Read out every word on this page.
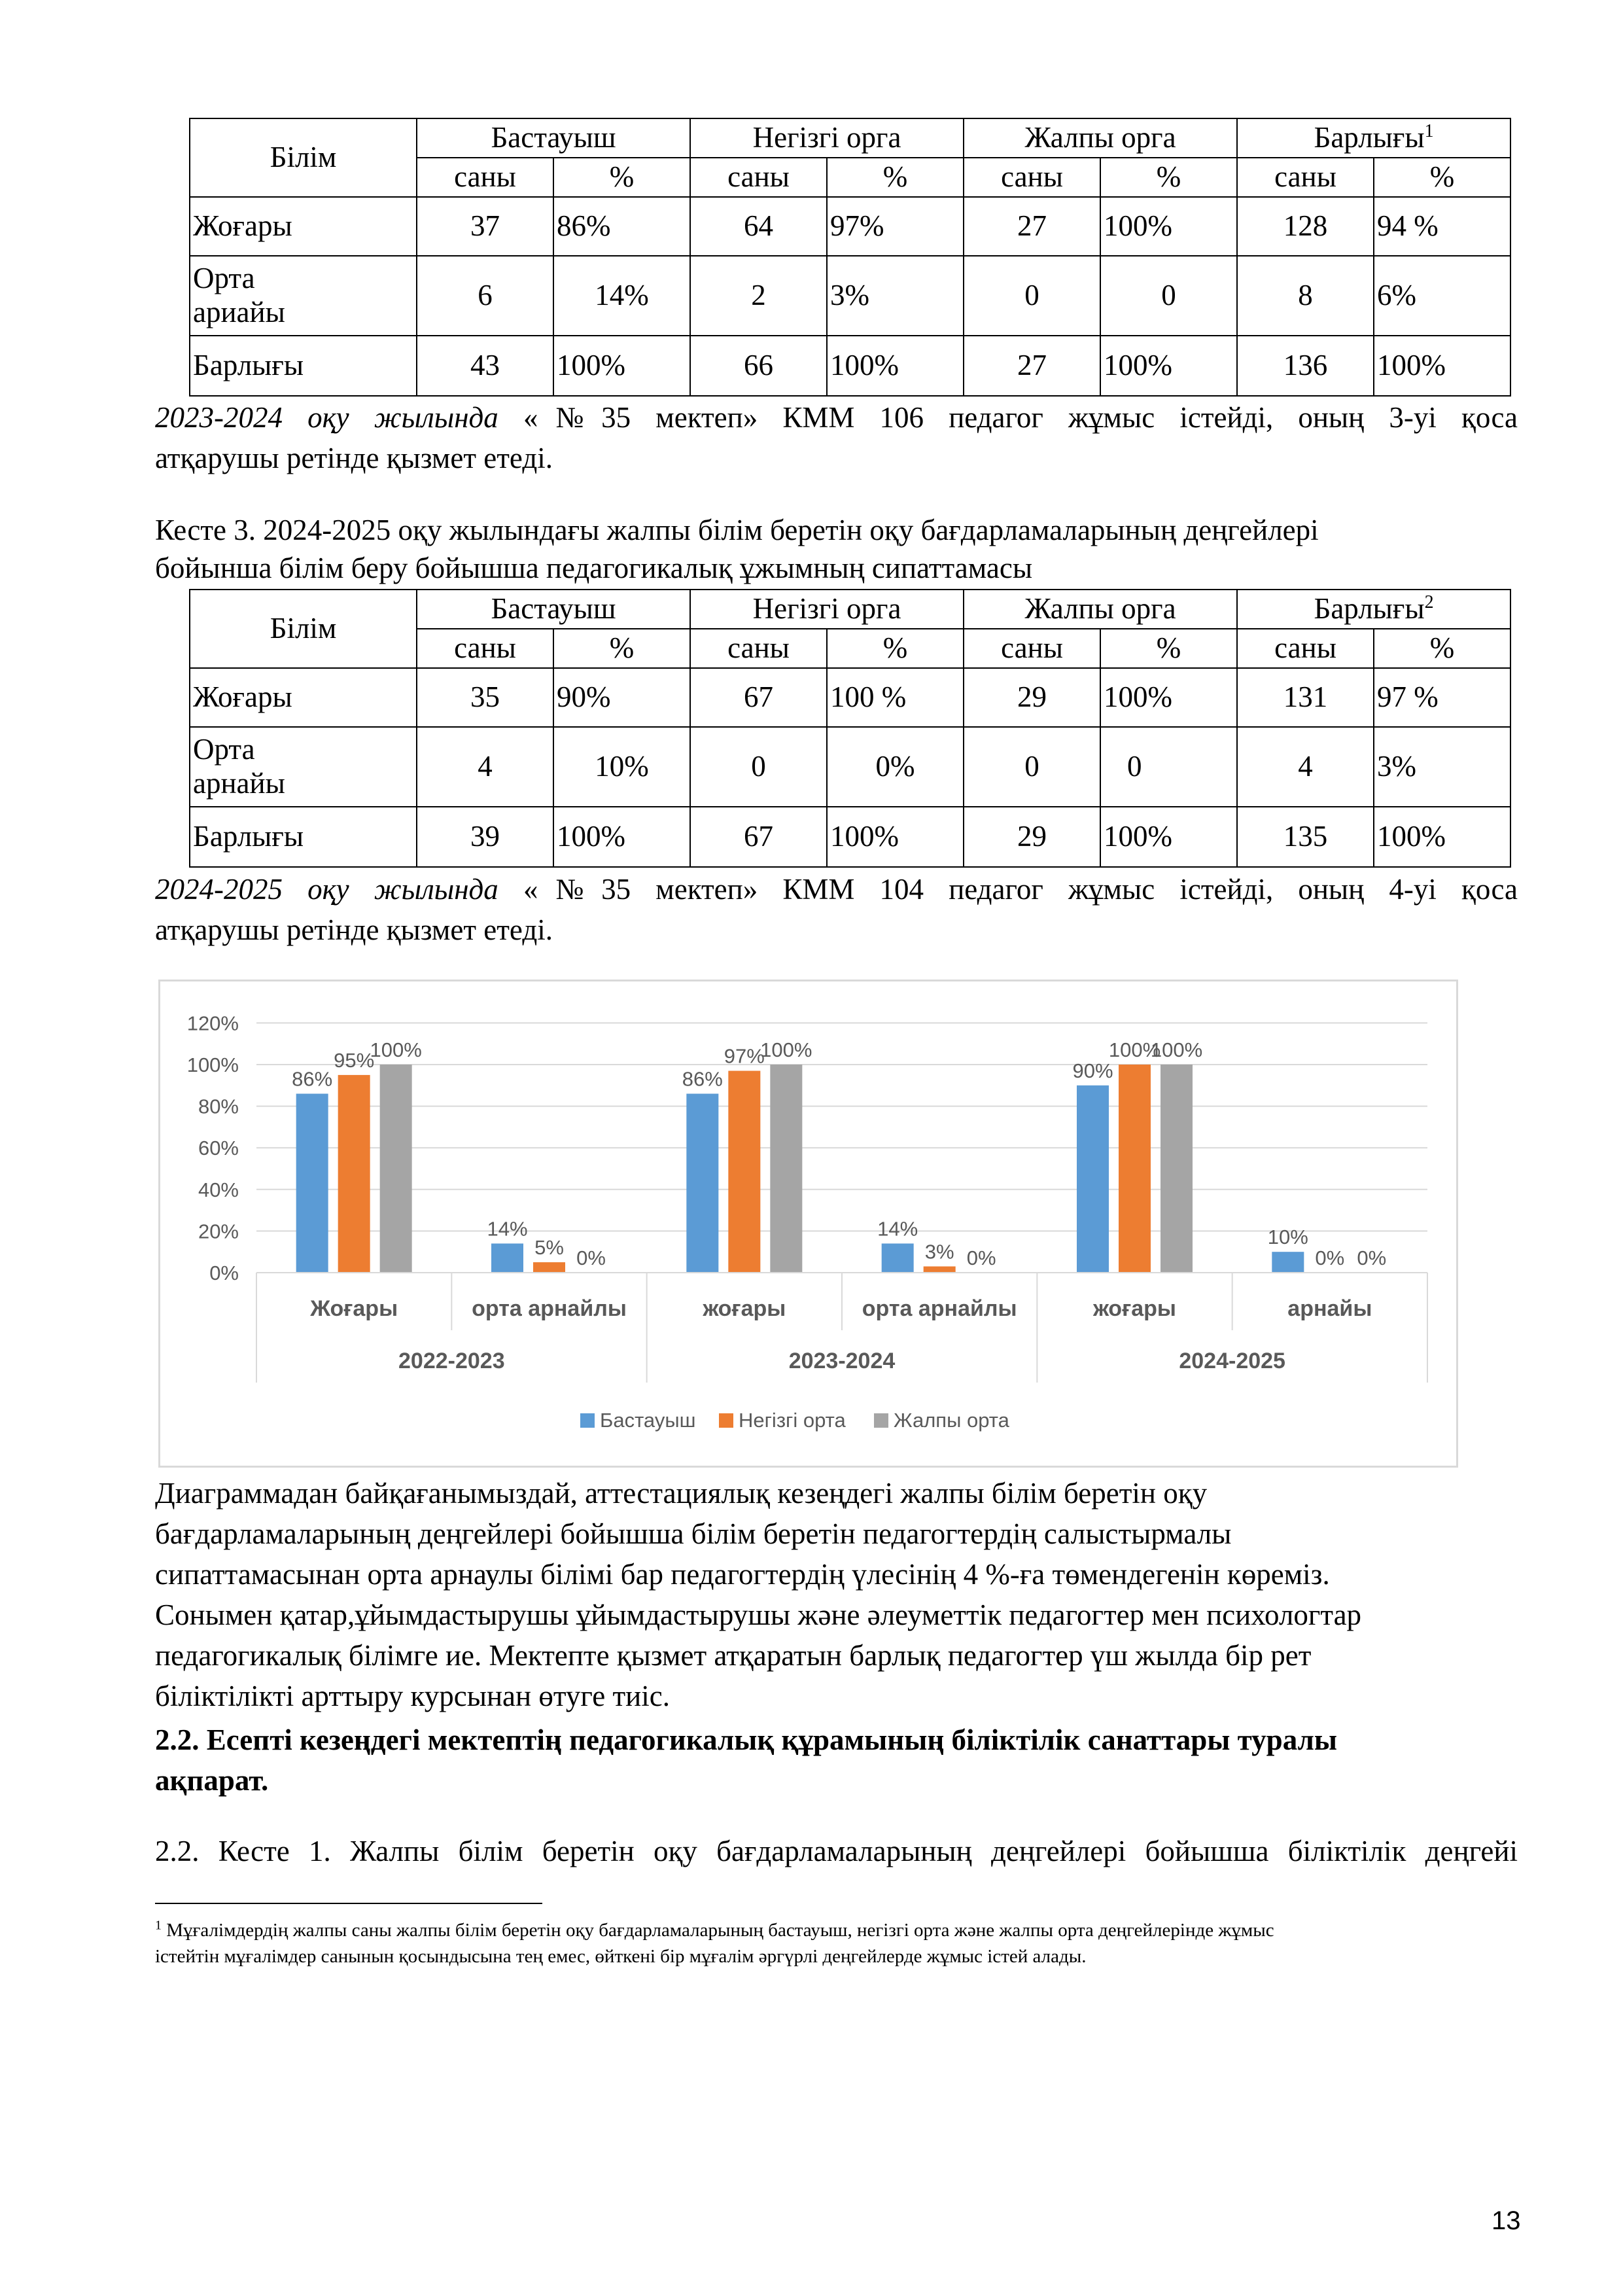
Білім	Бастауыш		Негізгі орга		Жалпы орга		Барлығы$^1$
	саны	%	саны	%	саны	%	саны	%
Жоғары	37	86%	64	97%	27	100%	128	94 %

Орта ариайы	6	14%	2	3%	0	0	8	6%
Барлығы	43	100%	66	100%	27	100%	136	100%
2023-2024 оқу жылында «№35 мектеп» КММ 106 педагог жұмыс істейді, оның 3-уі қоса
атқарушы ретінде қызмет етеді.
Кесте 3. 2024-2025 оқу жылындағы жалпы білім беретін оқу бағдарламаларының деңгейлері
бойынша білім беру бойышша педагогикалық ұжымның сипаттамасы
Білім	Бастауыш		Негізгі орга		Жалпы орга		Барлығы$^2$
	саны	%	саны	%	саны	%	саны	%
Жоғары	35	90%	67	100 %	29	100%	131	97 %

Орта арнайы	4	10%	0	0%	0	0	4	3%
Барлығы	39	100%	67	100%	29	100%	135	100%
2024-2025 оқу жылында «№35 мектеп» КММ 104 педагог жұмыс істейді, оның 4-уі қоса
атқарушы ретінде қызмет етеді.
0%
20%
40%
60%
80%
100%
120%
86%
14%
86%
14%
90%
10%
95%
5%
97%
3%
100%
0%
100%
0%
100%
0%
100%
0%
Жоғары	орта арнайлы
2022-2023
жоғары	орта арнайлы
2023-2024
жоғары	арнайы
2024-2025
Бастауыш Негізгі орта Жалпы орта
Диаграммадан байқағанымыздай, аттестациялық кезеңдегі жалпы білім беретін оқу
бағдарламаларының деңгейлері бойышша білім беретін педагогтердің салыстырмалы
сипаттамасынан орта арнаулы білімі бар педагогтердің үлесінің 4 %-ға төмендегенін көреміз.
Сонымен қатар,ұйымдастырушы ұйымдастырушы және әлеуметтік педагогтер мен психологтар
педагогикалық білімге ие. Мектепте қызмет атқаратын барлық педагогтер үш жылда бір рет
біліктілікті арттыру курсынан өтуге тиіс.
2.2. Есепті кезеңдегі мектептің педагогикалық құрамының біліктілік санаттары туралы
ақпарат.
2.2. Кесте 1. Жалпы білім беретін оқу бағдарламаларының деңгейлері бойышша біліктілік деңгейі
$^1$ Мұғалімдердің жалпы саны жалпы білім беретін оқу бағдарламаларының бастауыш, негізгі орта және жалпы орта деңгейлерінде жұмыс
істейтін мұғалімдер санынын қосындысына тең емес, өйткені бір мұғалім әргүрлі деңгейлерде жұмыс істей алады.
13
